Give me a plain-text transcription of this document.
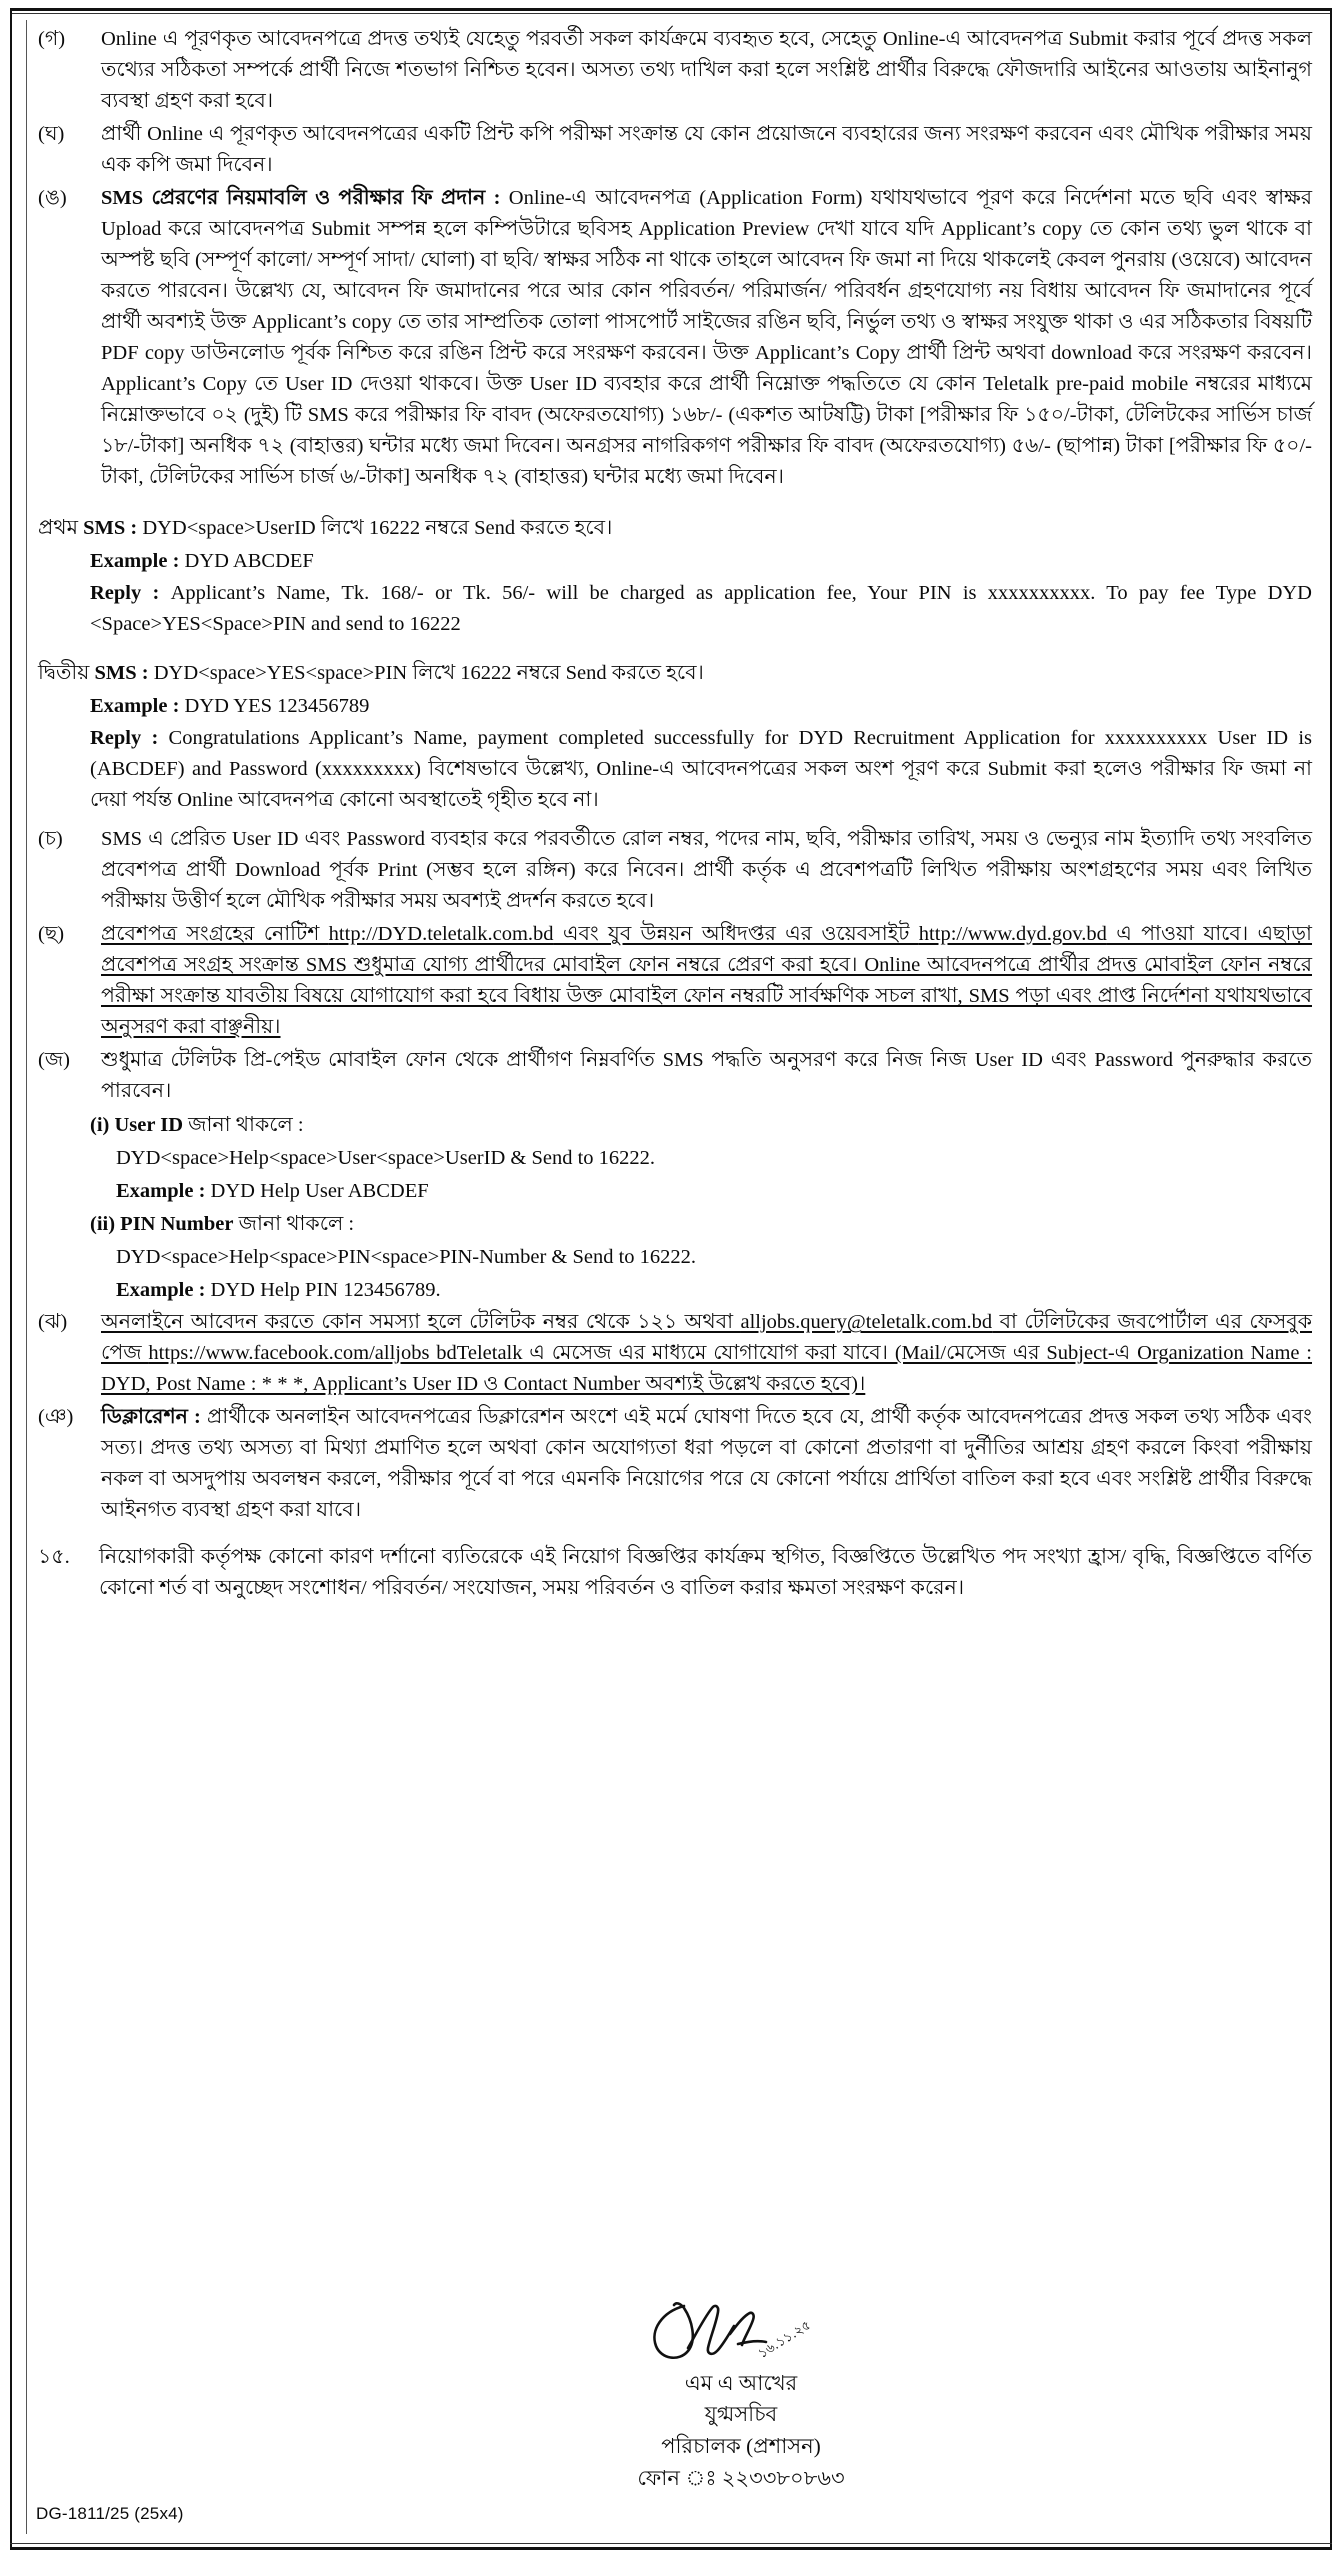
(গ)	Online এ পূরণকৃত আবেদনপত্রে প্রদত্ত তথ্যই যেহেতু পরবর্তী সকল কার্যক্রমে ব্যবহৃত হবে, সেহেতু Online-এ আবেদনপত্র Submit করার পূর্বে প্রদত্ত সকল তথ্যের সঠিকতা সম্পর্কে প্রার্থী নিজে শতভাগ নিশ্চিত হবেন। অসত্য তথ্য দাখিল করা হলে সংশ্লিষ্ট প্রার্থীর বিরুদ্ধে ফৌজদারি আইনের আওতায় আইনানুগ ব্যবস্থা গ্রহণ করা হবে।
(ঘ)	প্রার্থী Online এ পূরণকৃত আবেদনপত্রের একটি প্রিন্ট কপি পরীক্ষা সংক্রান্ত যে কোন প্রয়োজনে ব্যবহারের জন্য সংরক্ষণ করবেন এবং মৌখিক পরীক্ষার সময় এক কপি জমা দিবেন।
(ঙ)	SMS প্রেরণের নিয়মাবলি ও পরীক্ষার ফি প্রদান : Online-এ আবেদনপত্র (Application Form) যথাযথভাবে পূরণ করে নির্দেশনা মতে ছবি এবং স্বাক্ষর Upload করে আবেদনপত্র Submit সম্পন্ন হলে কম্পিউটারে ছবিসহ Application Preview দেখা যাবে যদি Applicant’s copy তে কোন তথ্য ভুল থাকে বা অস্পষ্ট ছবি (সম্পূর্ণ কালো/ সম্পূর্ণ সাদা/ ঘোলা) বা ছবি/ স্বাক্ষর সঠিক না থাকে তাহলে আবেদন ফি জমা না দিয়ে থাকলেই কেবল পুনরায় (ওয়েবে) আবেদন করতে পারবেন। উল্লেখ্য যে, আবেদন ফি জমাদানের পরে আর কোন পরিবর্তন/ পরিমার্জন/ পরিবর্ধন গ্রহণযোগ্য নয় বিধায় আবেদন ফি জমাদানের পূর্বে প্রার্থী অবশ্যই উক্ত Applicant’s copy তে তার সাম্প্রতিক তোলা পাসপোর্ট সাইজের রঙিন ছবি, নির্ভুল তথ্য ও স্বাক্ষর সংযুক্ত থাকা ও এর সঠিকতার বিষয়টি PDF copy ডাউনলোড পূর্বক নিশ্চিত করে রঙিন প্রিন্ট করে সংরক্ষণ করবেন। উক্ত Applicant’s Copy প্রার্থী প্রিন্ট অথবা download করে সংরক্ষণ করবেন। Applicant’s Copy তে User ID দেওয়া থাকবে। উক্ত User ID ব্যবহার করে প্রার্থী নিম্নোক্ত পদ্ধতিতে যে কোন Teletalk pre-paid mobile নম্বরের মাধ্যমে নিম্নোক্তভাবে ০২ (দুই) টি SMS করে পরীক্ষার ফি বাবদ (অফেরতযোগ্য) ১৬৮/- (একশত আটষট্টি) টাকা [পরীক্ষার ফি ১৫০/-টাকা, টেলিটকের সার্ভিস চার্জ ১৮/-টাকা] অনধিক ৭২ (বাহাত্তর) ঘন্টার মধ্যে জমা দিবেন। অনগ্রসর নাগরিকগণ পরীক্ষার ফি বাবদ (অফেরতযোগ্য) ৫৬/- (ছাপান্ন) টাকা [পরীক্ষার ফি ৫০/-টাকা, টেলিটকের সার্ভিস চার্জ ৬/-টাকা] অনধিক ৭২ (বাহাত্তর) ঘন্টার মধ্যে জমা দিবেন।
প্রথম SMS : DYD<space>UserID লিখে 16222 নম্বরে Send করতে হবে।
Example : DYD ABCDEF
Reply : Applicant’s Name, Tk. 168/- or Tk. 56/- will be charged as application fee, Your PIN is xxxxxxxxxx. To pay fee Type DYD <Space>YES<Space>PIN and send to 16222
দ্বিতীয় SMS : DYD<space>YES<space>PIN লিখে 16222 নম্বরে Send করতে হবে।
Example : DYD YES 123456789
Reply : Congratulations Applicant’s Name, payment completed successfully for DYD Recruitment Application for xxxxxxxxxx User ID is (ABCDEF) and Password (xxxxxxxxx) বিশেষভাবে উল্লেখ্য, Online-এ আবেদনপত্রের সকল অংশ পূরণ করে Submit করা হলেও পরীক্ষার ফি জমা না দেয়া পর্যন্ত Online আবেদনপত্র কোনো অবস্থাতেই গৃহীত হবে না।
(চ)	SMS এ প্রেরিত User ID এবং Password ব্যবহার করে পরবর্তীতে রোল নম্বর, পদের নাম, ছবি, পরীক্ষার তারিখ, সময় ও ভেন্যুর নাম ইত্যাদি তথ্য সংবলিত প্রবেশপত্র প্রার্থী Download পূর্বক Print (সম্ভব হলে রঙ্গিন) করে নিবেন। প্রার্থী কর্তৃক এ প্রবেশপত্রটি লিখিত পরীক্ষায় অংশগ্রহণের সময় এবং লিখিত পরীক্ষায় উত্তীর্ণ হলে মৌখিক পরীক্ষার সময় অবশ্যই প্রদর্শন করতে হবে।
(ছ)	প্রবেশপত্র সংগ্রহের নোটিশ http://DYD.teletalk.com.bd এবং যুব উন্নয়ন অধিদপ্তর এর ওয়েবসাইট http://www.dyd.gov.bd এ পাওয়া যাবে। এছাড়া প্রবেশপত্র সংগ্রহ সংক্রান্ত SMS শুধুমাত্র যোগ্য প্রার্থীদের মোবাইল ফোন নম্বরে প্রেরণ করা হবে। Online আবেদনপত্রে প্রার্থীর প্রদত্ত মোবাইল ফোন নম্বরে পরীক্ষা সংক্রান্ত যাবতীয় বিষয়ে যোগাযোগ করা হবে বিধায় উক্ত মোবাইল ফোন নম্বরটি সার্বক্ষণিক সচল রাখা, SMS পড়া এবং প্রাপ্ত নির্দেশনা যথাযথভাবে অনুসরণ করা বাঞ্ছনীয়।
(জ)	শুধুমাত্র টেলিটক প্রি-পেইড মোবাইল ফোন থেকে প্রার্থীগণ নিম্নবর্ণিত SMS পদ্ধতি অনুসরণ করে নিজ নিজ User ID এবং Password পুনরুদ্ধার করতে পারবেন।
(i) User ID জানা থাকলে :
DYD<space>Help<space>User<space>UserID & Send to 16222.
Example : DYD Help User ABCDEF
(ii) PIN Number জানা থাকলে :
DYD<space>Help<space>PIN<space>PIN-Number & Send to 16222.
Example : DYD Help PIN 123456789.
(ঝ)	অনলাইনে আবেদন করতে কোন সমস্যা হলে টেলিটক নম্বর থেকে ১২১ অথবা alljobs.query@teletalk.com.bd বা টেলিটকের জবপোর্টাল এর ফেসবুক পেজ https://www.facebook.com/alljobs bdTeletalk এ মেসেজ এর মাধ্যমে যোগাযোগ করা যাবে। (Mail/মেসেজ এর Subject-এ Organization Name : DYD, Post Name : * * *, Applicant’s User ID ও Contact Number অবশ্যই উল্লেখ করতে হবে)।
(ঞ)	ডিক্লারেশন : প্রার্থীকে অনলাইন আবেদনপত্রের ডিক্লারেশন অংশে এই মর্মে ঘোষণা দিতে হবে যে, প্রার্থী কর্তৃক আবেদনপত্রের প্রদত্ত সকল তথ্য সঠিক এবং সত্য। প্রদত্ত তথ্য অসত্য বা মিথ্যা প্রমাণিত হলে অথবা কোন অযোগ্যতা ধরা পড়লে বা কোনো প্রতারণা বা দুর্নীতির আশ্রয় গ্রহণ করলে কিংবা পরীক্ষায় নকল বা অসদুপায় অবলম্বন করলে, পরীক্ষার পূর্বে বা পরে এমনকি নিয়োগের পরে যে কোনো পর্যায়ে প্রার্থিতা বাতিল করা হবে এবং সংশ্লিষ্ট প্রার্থীর বিরুদ্ধে আইনগত ব্যবস্থা গ্রহণ করা যাবে।
১৫.	নিয়োগকারী কর্তৃপক্ষ কোনো কারণ দর্শানো ব্যতিরেকে এই নিয়োগ বিজ্ঞপ্তির কার্যক্রম স্থগিত, বিজ্ঞপ্তিতে উল্লেখিত পদ সংখ্যা হ্রাস/ বৃদ্ধি, বিজ্ঞপ্তিতে বর্ণিত কোনো শর্ত বা অনুচ্ছেদ সংশোধন/ পরিবর্তন/ সংযোজন, সময় পরিবর্তন ও বাতিল করার ক্ষমতা সংরক্ষণ করেন।
১৬.১১.২৫
এম এ আখের
যুগ্মসচিব
পরিচালক (প্রশাসন)
ফোন ঃ ২২৩৩৮০৮৬৩
DG-1811/25 (25x4)
